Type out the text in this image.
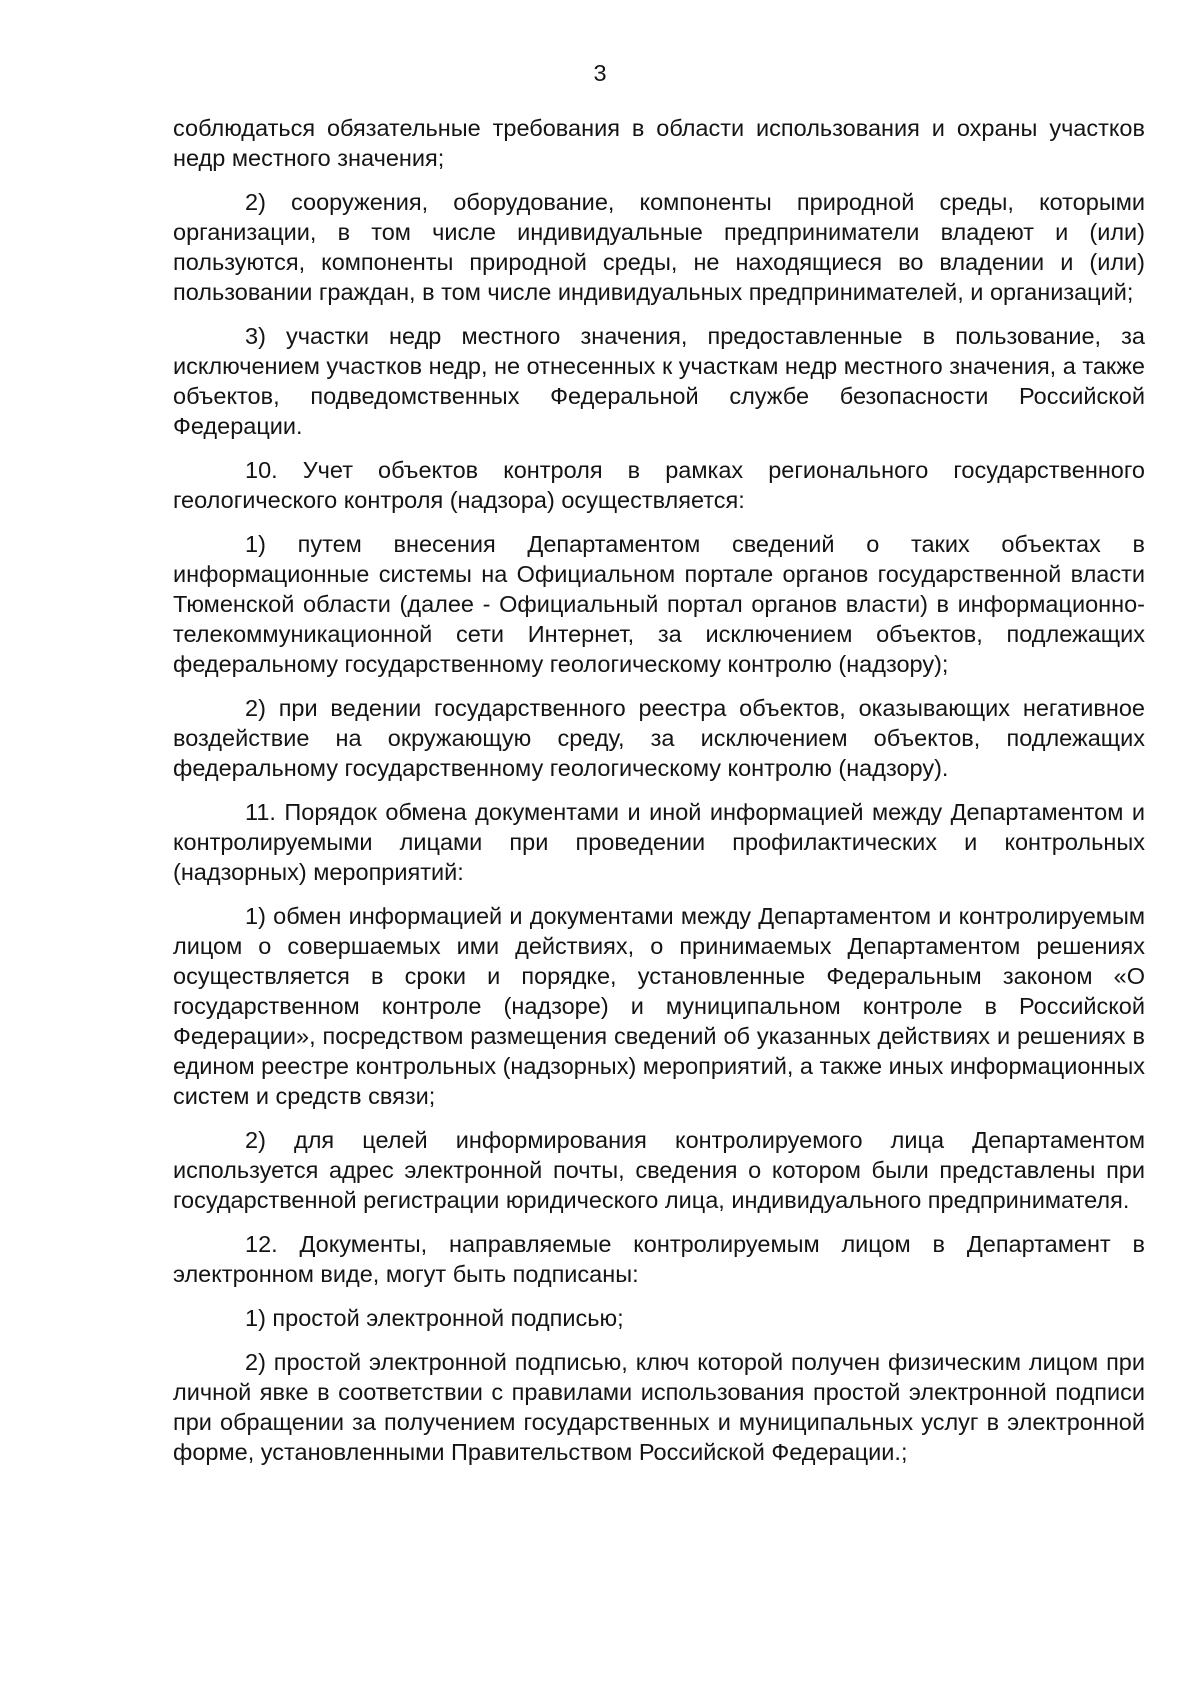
3

соблюдаться обязательные требования в области использования и охраны участков недр местного значения;

2) сооружения, оборудование, компоненты природной среды, которыми организации, в том числе индивидуальные предприниматели владеют и (или) пользуются, компоненты природной среды, не находящиеся во владении и (или) пользовании граждан, в том числе индивидуальных предпринимателей, и организаций;

3) участки недр местного значения, предоставленные в пользование, за исключением участков недр, не отнесенных к участкам недр местного значения, а также объектов, подведомственных Федеральной службе безопасности Российской Федерации.

10. Учет объектов контроля в рамках регионального государственного геологического контроля (надзора) осуществляется:

1) путем внесения Департаментом сведений о таких объектах в информационные системы на Официальном портале органов государственной власти Тюменской области (далее - Официальный портал органов власти) в информационно-телекоммуникационной сети Интернет, за исключением объектов, подлежащих федеральному государственному геологическому контролю (надзору);

2) при ведении государственного реестра объектов, оказывающих негативное воздействие на окружающую среду, за исключением объектов, подлежащих федеральному государственному геологическому контролю (надзору).

11. Порядок обмена документами и иной информацией между Департаментом и контролируемыми лицами при проведении профилактических и контрольных (надзорных) мероприятий:

1) обмен информацией и документами между Департаментом и контролируемым лицом о совершаемых ими действиях, о принимаемых Департаментом решениях осуществляется в сроки и порядке, установленные Федеральным законом «О государственном контроле (надзоре) и муниципальном контроле в Российской Федерации», посредством размещения сведений об указанных действиях и решениях в едином реестре контрольных (надзорных) мероприятий, а также иных информационных систем и средств связи;

2) для целей информирования контролируемого лица Департаментом используется адрес электронной почты, сведения о котором были представлены при государственной регистрации юридического лица, индивидуального предпринимателя.

12. Документы, направляемые контролируемым лицом в Департамент в электронном виде, могут быть подписаны:

1) простой электронной подписью;

2) простой электронной подписью, ключ которой получен физическим лицом при личной явке в соответствии с правилами использования простой электронной подписи при обращении за получением государственных и муниципальных услуг в электронной форме, установленными Правительством Российской Федерации.;
